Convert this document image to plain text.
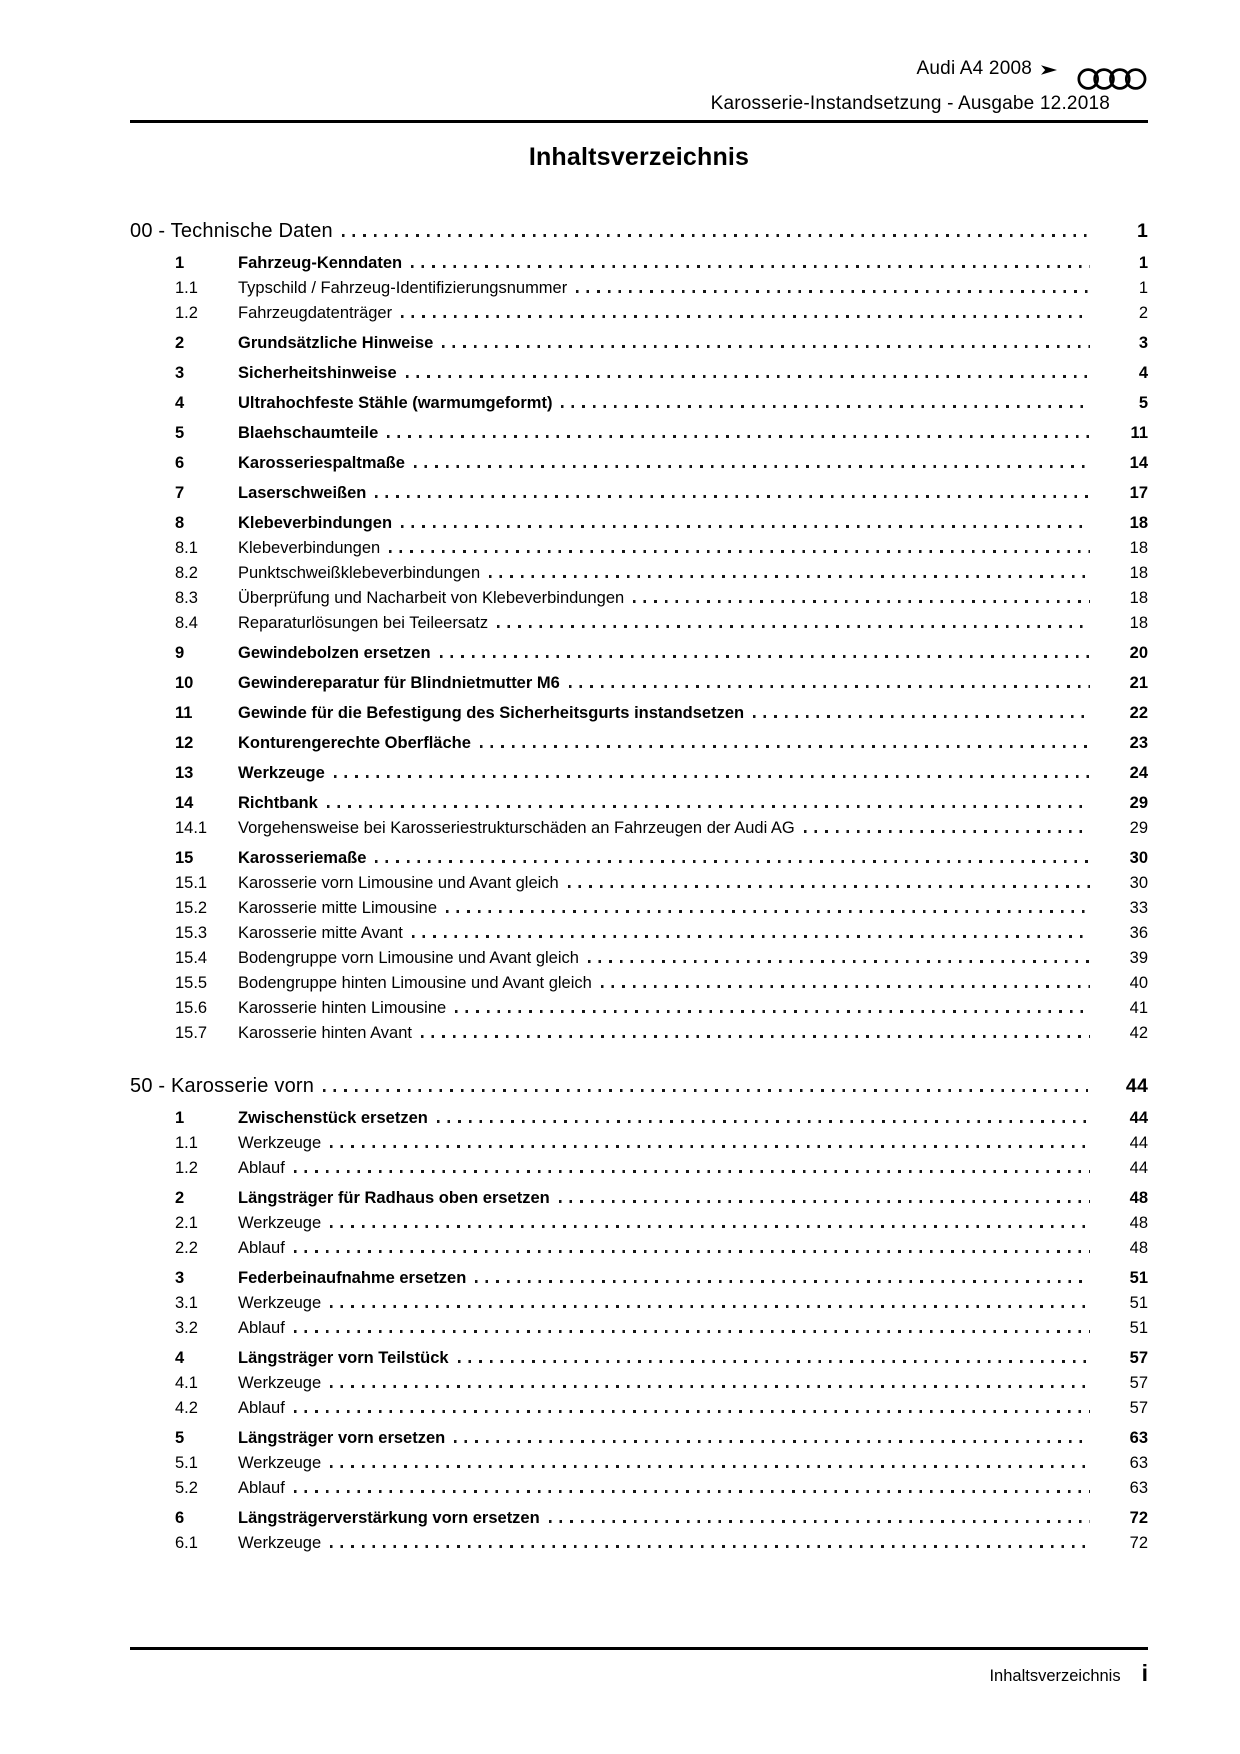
Audi A4 2008
Karosserie-Instandsetzung - Ausgabe 12.2018
Inhaltsverzeichnis
00 - Technische Daten	1
1	Fahrzeug-Kenndaten	1
1.1	Typschild / Fahrzeug-Identifizierungsnummer	1
1.2	Fahrzeugdatenträger	2
2	Grundsätzliche Hinweise	3
3	Sicherheitshinweise	4
4	Ultrahochfeste Stähle (warmumgeformt)	5
5	Blaehschaumteile	11
6	Karosseriespaltmaße	14
7	Laserschweißen	17
8	Klebeverbindungen	18
8.1	Klebeverbindungen	18
8.2	Punktschweißklebeverbindungen	18
8.3	Überprüfung und Nacharbeit von Klebeverbindungen	18
8.4	Reparaturlösungen bei Teileersatz	18
9	Gewindebolzen ersetzen	20
10	Gewindereparatur für Blindnietmutter M6	21
11	Gewinde für die Befestigung des Sicherheitsgurts instandsetzen	22
12	Konturengerechte Oberfläche	23
13	Werkzeuge	24
14	Richtbank	29
14.1	Vorgehensweise bei Karosseriestrukturschäden an Fahrzeugen der Audi AG	29
15	Karosseriemaße	30
15.1	Karosserie vorn Limousine und Avant gleich	30
15.2	Karosserie mitte Limousine	33
15.3	Karosserie mitte Avant	36
15.4	Bodengruppe vorn Limousine und Avant gleich	39
15.5	Bodengruppe hinten Limousine und Avant gleich	40
15.6	Karosserie hinten Limousine	41
15.7	Karosserie hinten Avant	42
50 - Karosserie vorn	44
1	Zwischenstück ersetzen	44
1.1	Werkzeuge	44
1.2	Ablauf	44
2	Längsträger für Radhaus oben ersetzen	48
2.1	Werkzeuge	48
2.2	Ablauf	48
3	Federbeinaufnahme ersetzen	51
3.1	Werkzeuge	51
3.2	Ablauf	51
4	Längsträger vorn Teilstück	57
4.1	Werkzeuge	57
4.2	Ablauf	57
5	Längsträger vorn ersetzen	63
5.1	Werkzeuge	63
5.2	Ablauf	63
6	Längsträgerverstärkung vorn ersetzen	72
6.1	Werkzeuge	72
Inhaltsverzeichnis i
